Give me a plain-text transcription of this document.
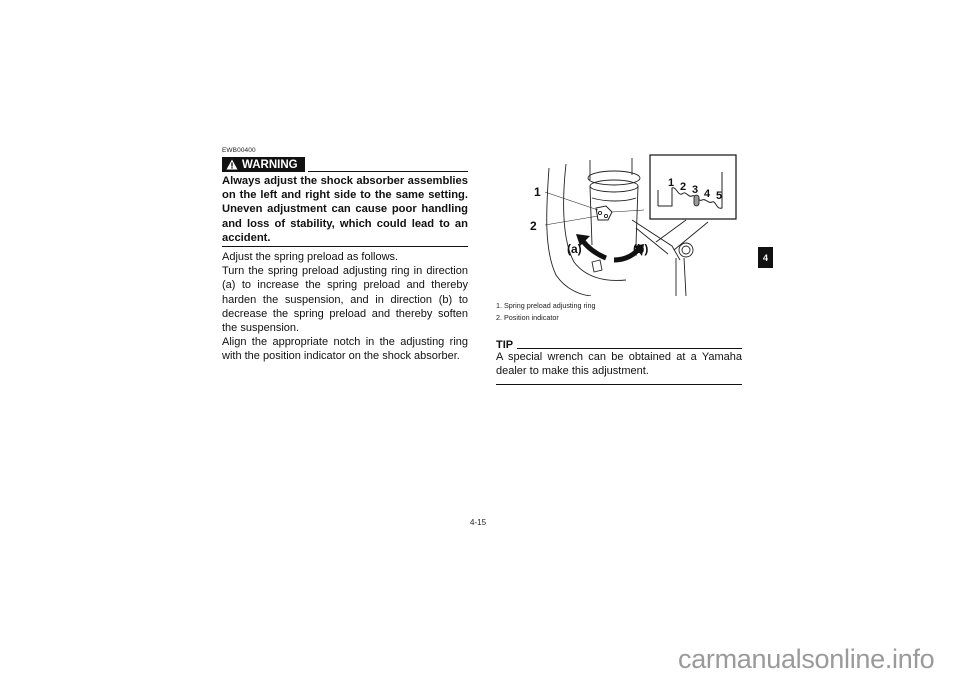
EWB00400
WARNING

Always adjust the shock absorber assemblies on the left and right side to the same setting. Uneven adjustment can cause poor handling and loss of stability, which could lead to an accident.

Adjust the spring preload as follows.

Turn the spring preload adjusting ring in direction (a) to increase the spring preload and thereby harden the suspension, and in direction (b) to decrease the spring preload and thereby soften the suspension.

Align the appropriate notch in the adjusting ring with the position indicator on the shock absorber.

1
2
(a)	(b)
1 2 3 4 5
1. Spring preload adjusting ring
2. Position indicator
TIP
A special wrench can be obtained at a Yamaha dealer to make this adjustment.
4
4-15
carmanualsonline.info
